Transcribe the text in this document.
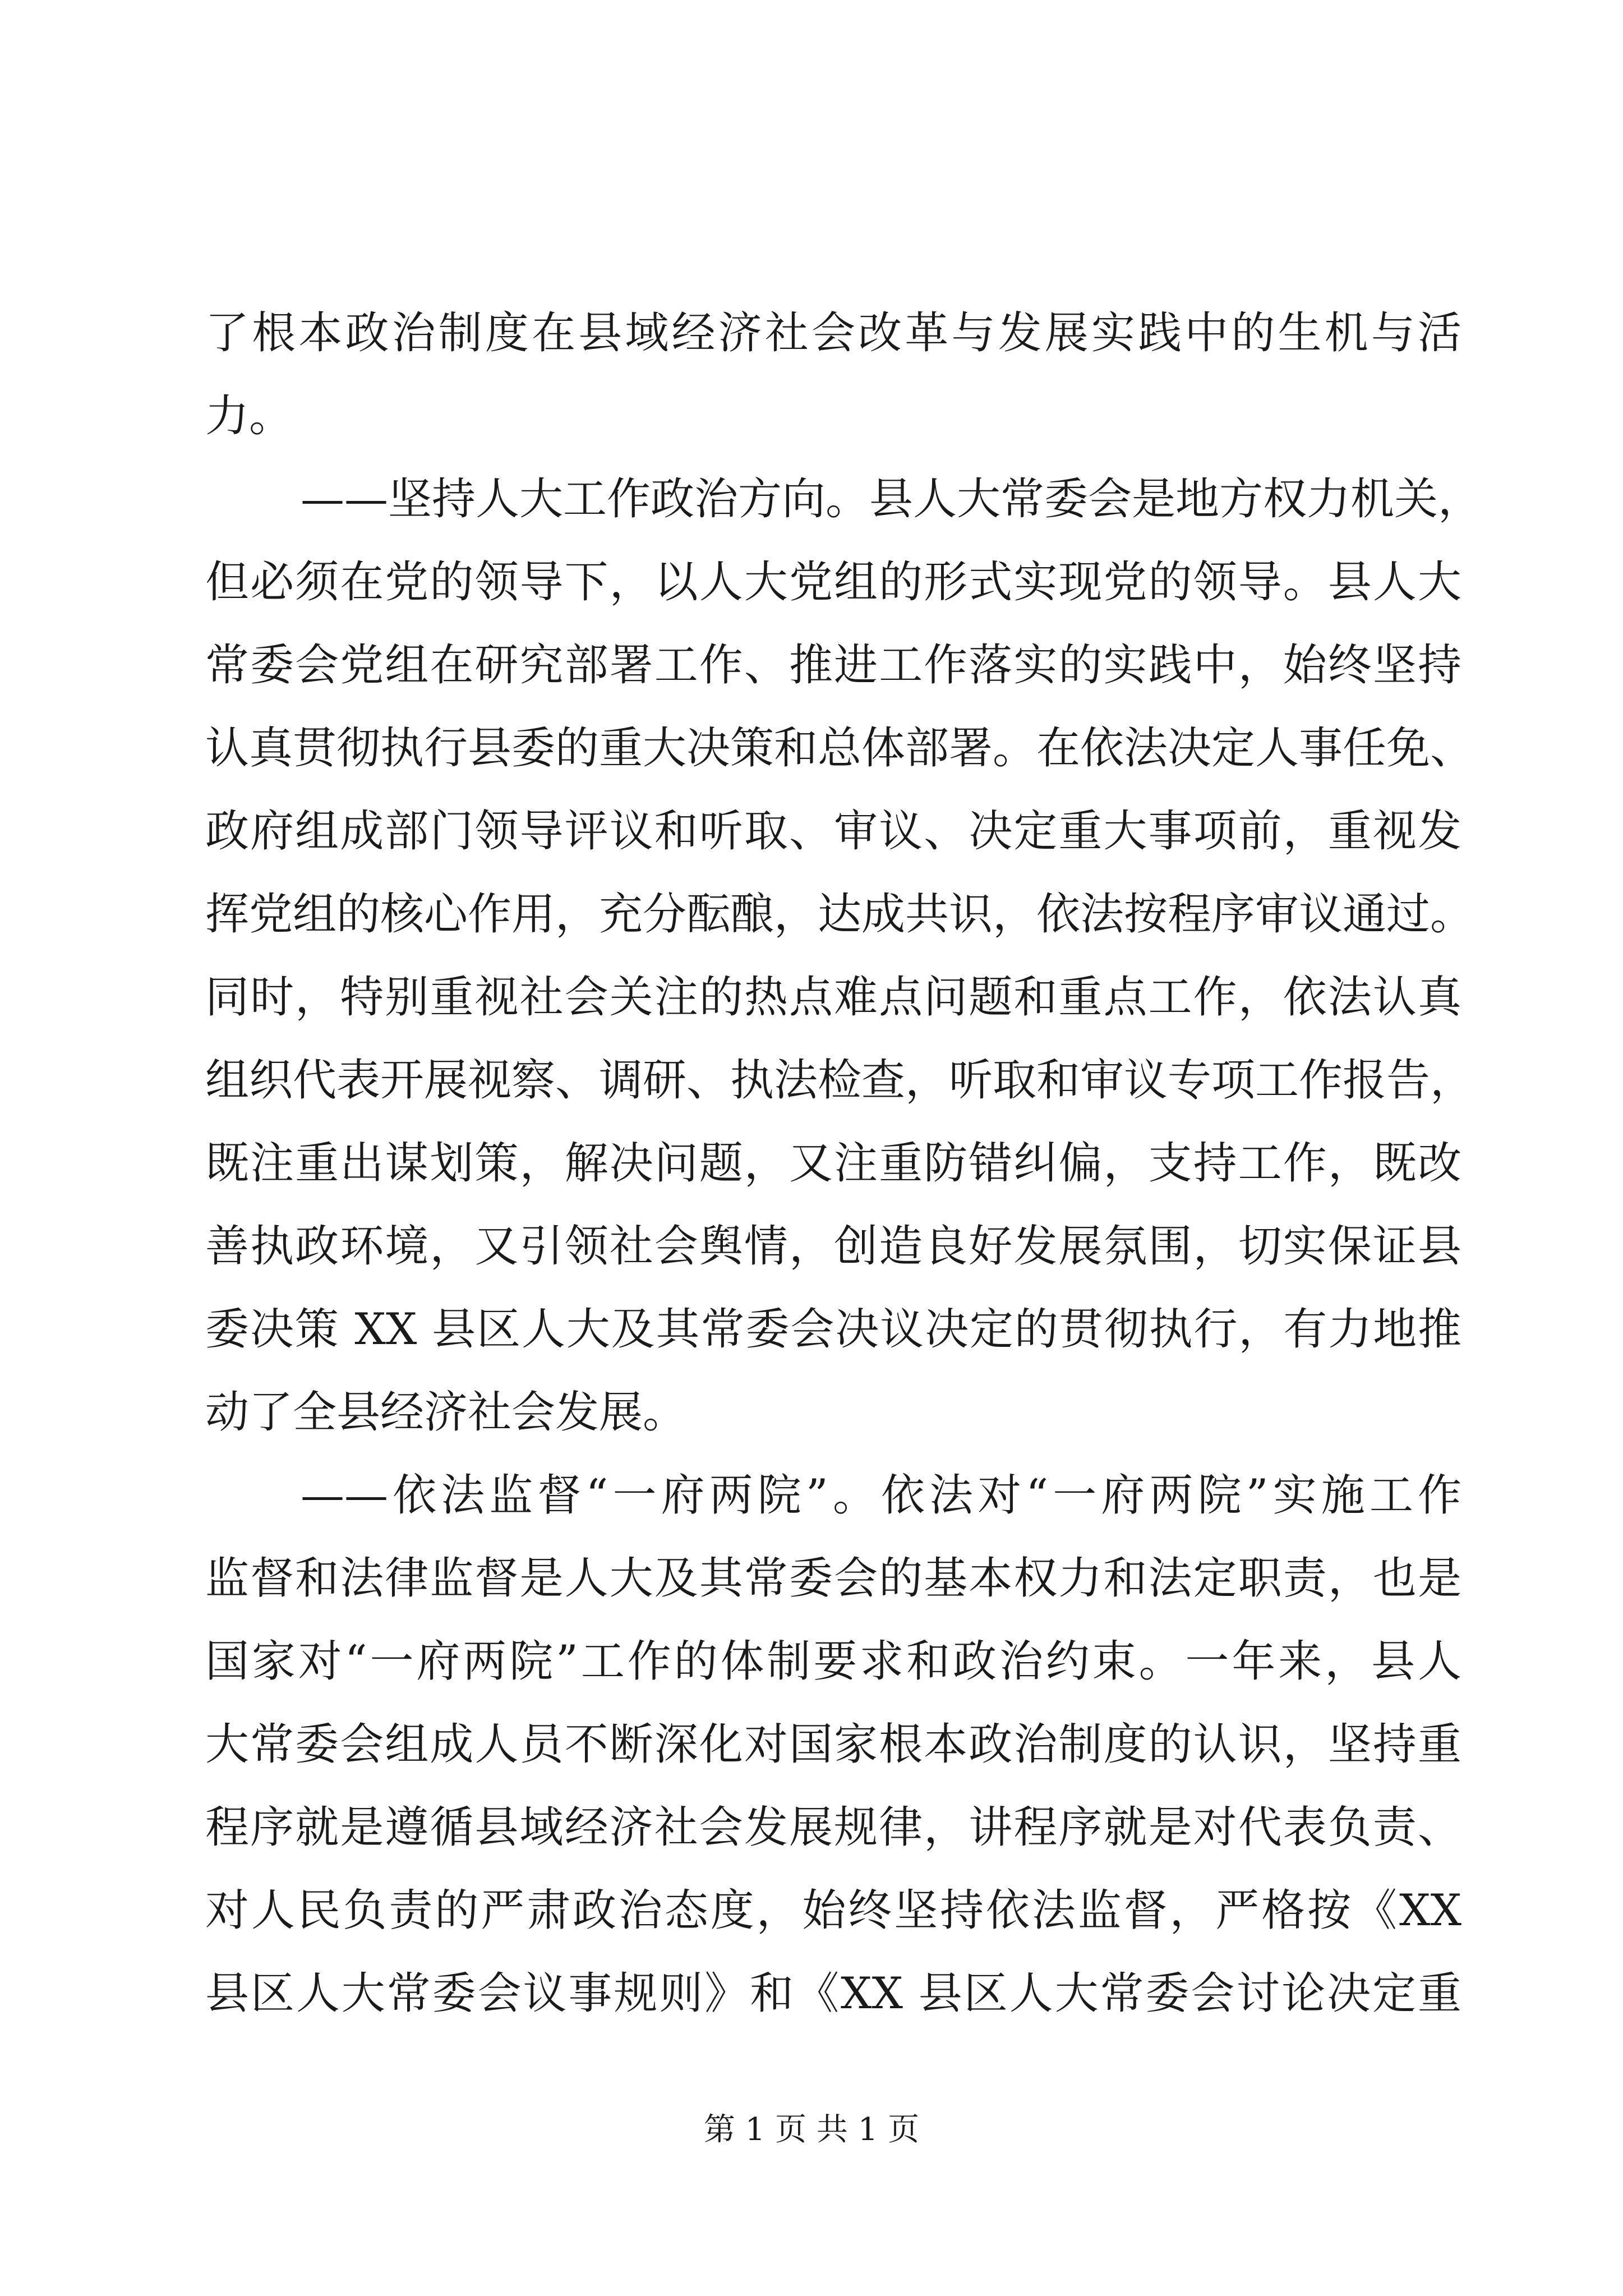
了根本政治制度在县域经济社会改革与发展实践中的生机与活
力。
——坚持人大工作政治方向。县人大常委会是地方权力机关，
但必须在党的领导下，以人大党组的形式实现党的领导。县人大
常委会党组在研究部署工作、推进工作落实的实践中，始终坚持
认真贯彻执行县委的重大决策和总体部署。在依法决定人事任免、
政府组成部门领导评议和听取、审议、决定重大事项前，重视发
挥党组的核心作用，充分酝酿，达成共识，依法按程序审议通过。
同时，特别重视社会关注的热点难点问题和重点工作，依法认真
组织代表开展视察、调研、执法检查，听取和审议专项工作报告，
既注重出谋划策，解决问题，又注重防错纠偏，支持工作，既改
善执政环境，又引领社会舆情，创造良好发展氛围，切实保证县
委决策 XX 县区人大及其常委会决议决定的贯彻执行，有力地推
动了全县经济社会发展。
——依法监督“一府两院”。依法对“一府两院”实施工作
监督和法律监督是人大及其常委会的基本权力和法定职责，也是
国家对“一府两院”工作的体制要求和政治约束。一年来，县人
大常委会组成人员不断深化对国家根本政治制度的认识，坚持重
程序就是遵循县域经济社会发展规律，讲程序就是对代表负责、
对人民负责的严肃政治态度，始终坚持依法监督，严格按《XX
县区人大常委会议事规则》和《XX 县区人大常委会讨论决定重
第 1 页 共 1 页
